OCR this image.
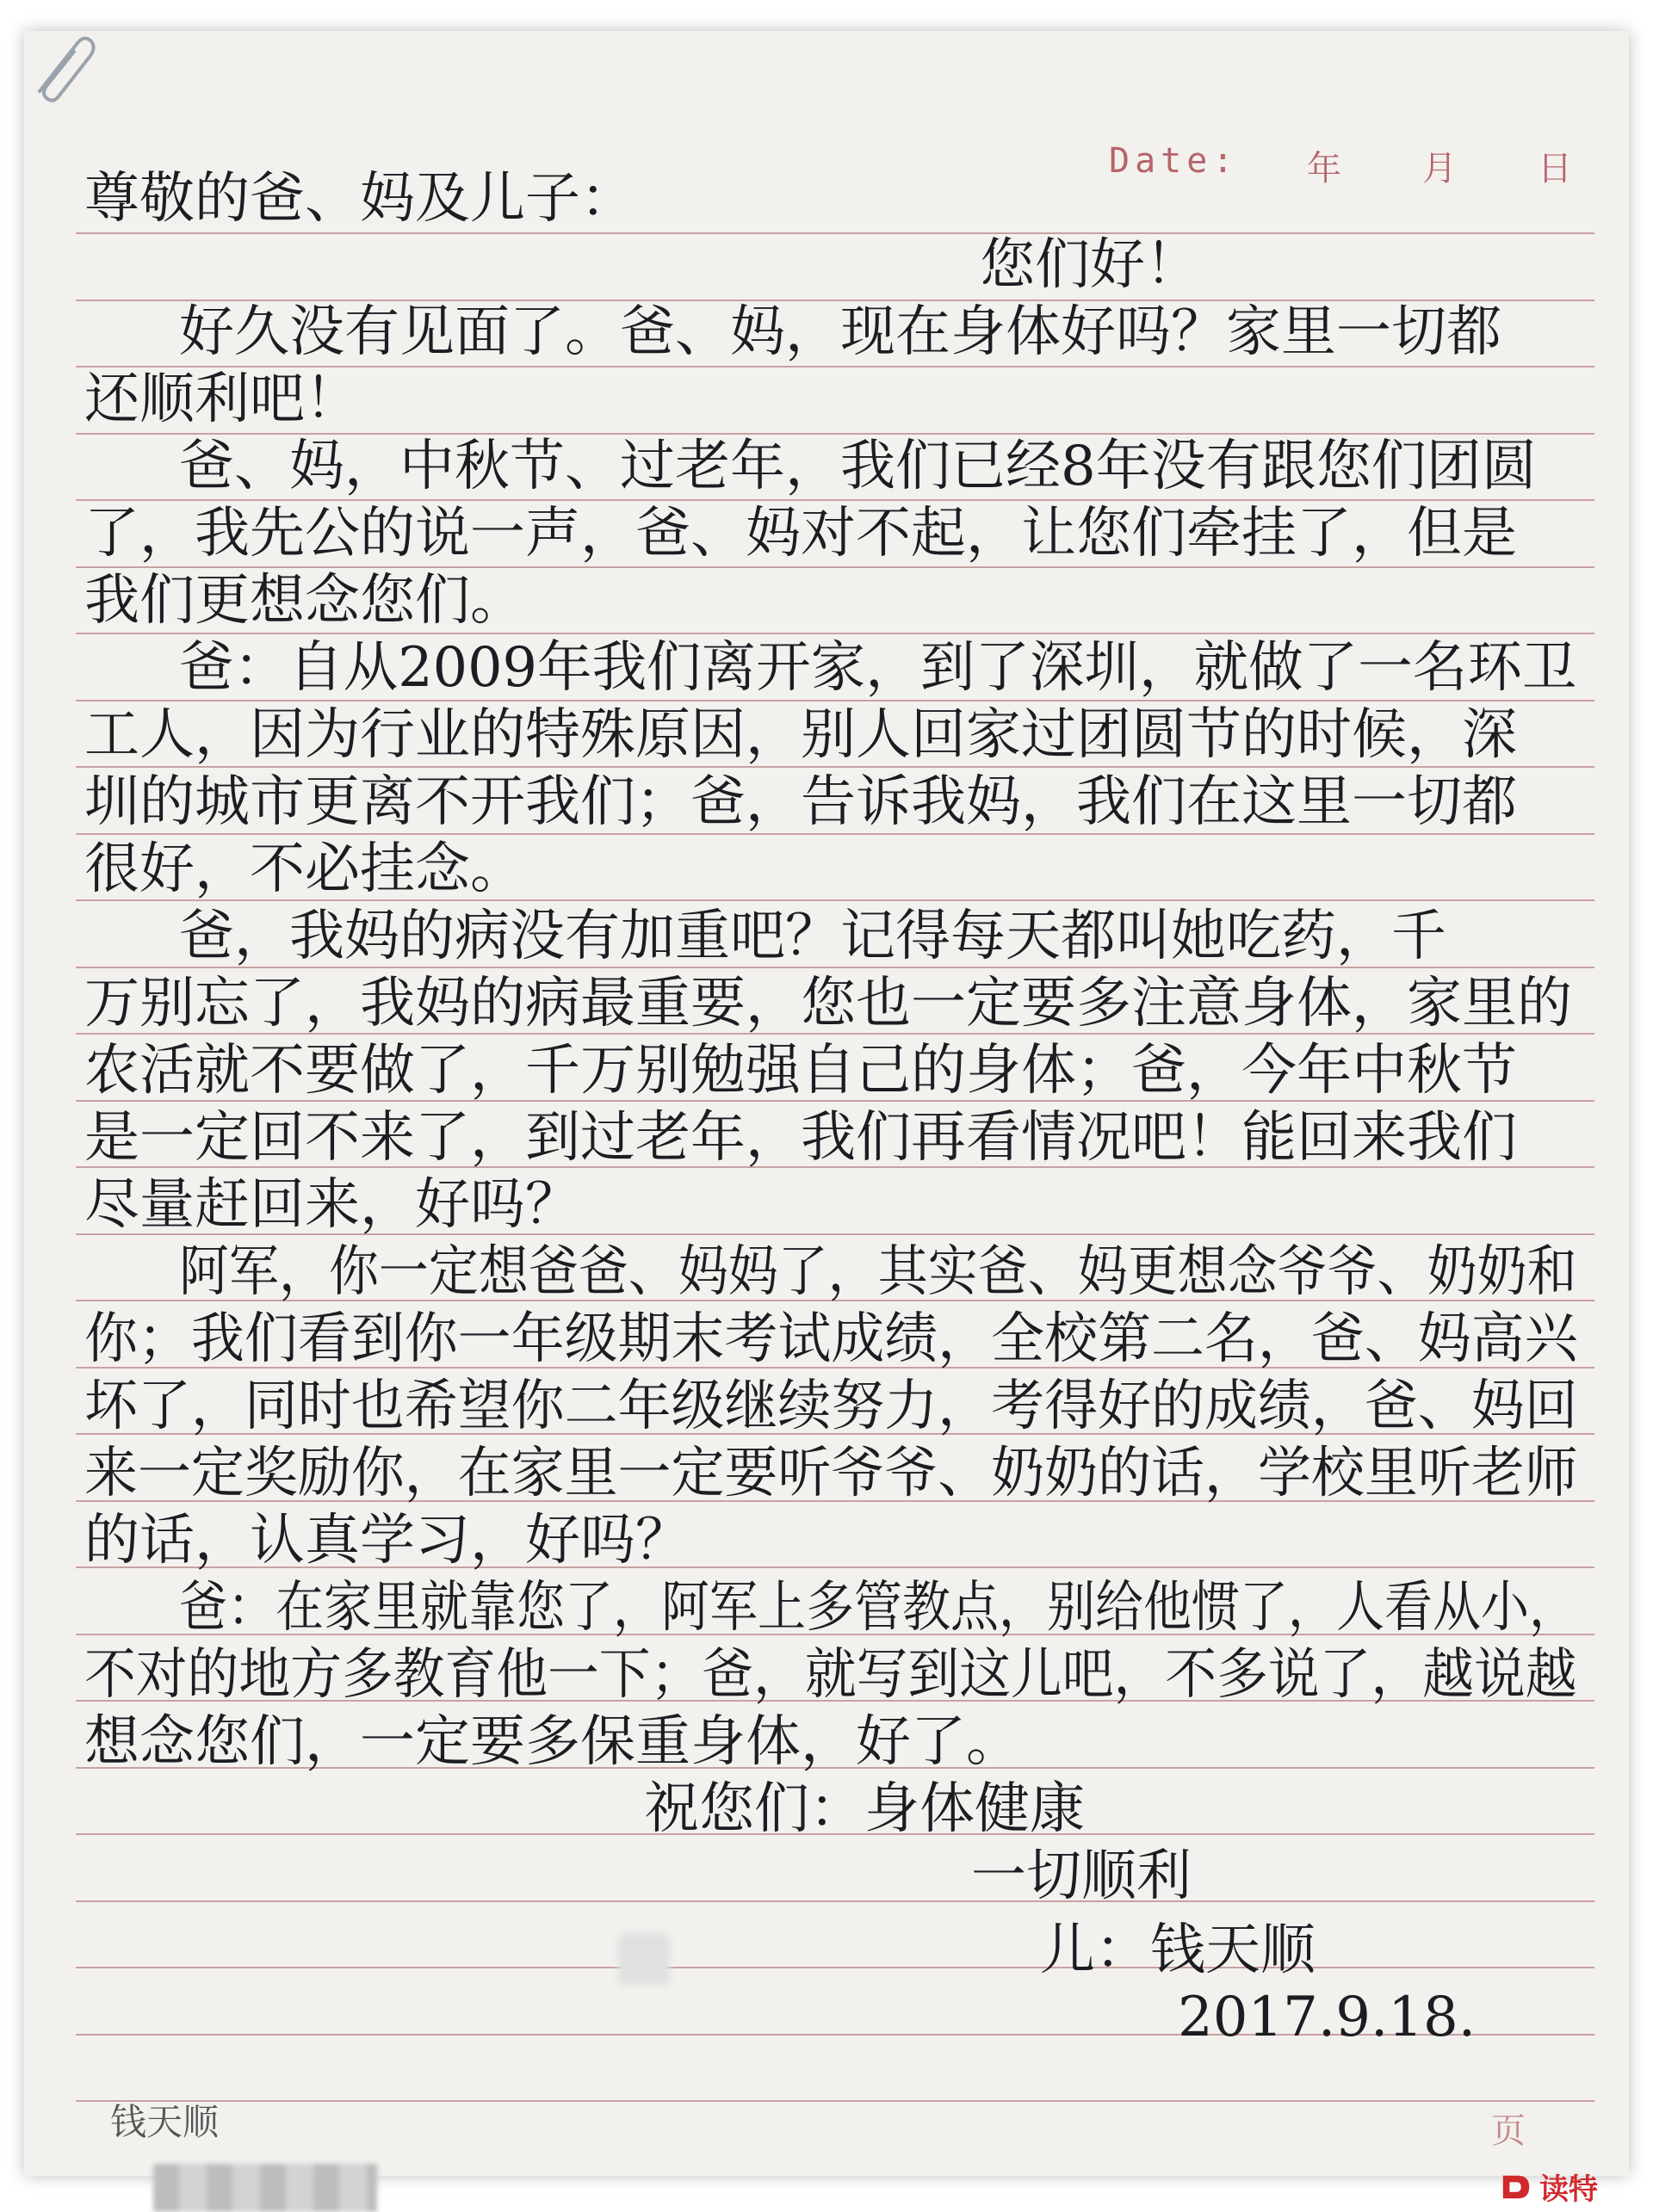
Date: 年 月 日
尊敬的爸、妈及儿子：
您们好！
好久没有见面了。爸、妈，现在身体好吗？家里一切都
还顺利吧！
爸、妈，中秋节、过老年，我们已经8年没有跟您们团圆
了，我先公的说一声，爸、妈对不起，让您们牵挂了，但是
我们更想念您们。
爸：自从2009年我们离开家，到了深圳，就做了一名环卫
工人，因为行业的特殊原因，别人回家过团圆节的时候，深
圳的城市更离不开我们；爸，告诉我妈，我们在这里一切都
很好，不必挂念。
爸，我妈的病没有加重吧？记得每天都叫她吃药，千
万别忘了，我妈的病最重要，您也一定要多注意身体，家里的
农活就不要做了，千万别勉强自己的身体；爸，今年中秋节
是一定回不来了，到过老年，我们再看情况吧！能回来我们
尽量赶回来，好吗？
阿军，你一定想爸爸、妈妈了，其实爸、妈更想念爷爷、奶奶和
你；我们看到你一年级期末考试成绩，全校第二名，爸、妈高兴
坏了，同时也希望你二年级继续努力，考得好的成绩，爸、妈回
来一定奖励你，在家里一定要听爷爷、奶奶的话，学校里听老师
的话，认真学习，好吗？
爸：在家里就靠您了，阿军上多管教点，别给他惯了，人看从小，
不对的地方多教育他一下；爸，就写到这儿吧，不多说了，越说越
想念您们，一定要多保重身体，好了。
祝您们：身体健康
一切顺利
儿：钱天顺
2017.9.18.
钱天顺	页
读特
